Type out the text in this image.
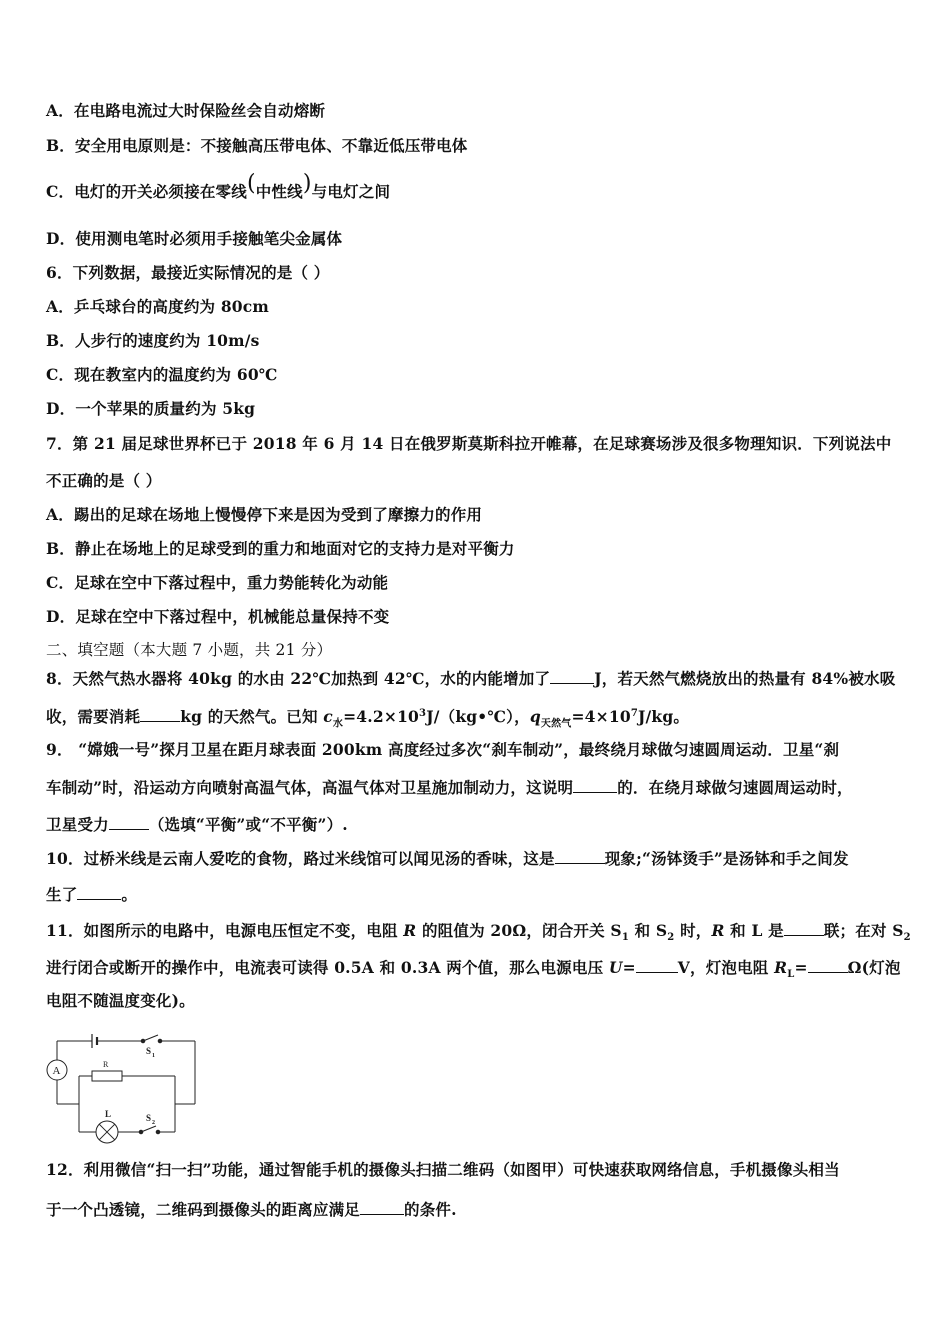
A．在电路电流过大时保险丝会自动熔断
B．安全用电原则是：不接触高压带电体、不靠近低压带电体
C．电灯的开关必须接在零线(中性线)与电灯之间
D．使用测电笔时必须用手接触笔尖金属体
6．下列数据，最接近实际情况的是（ ）
A．乒乓球台的高度约为 80cm
B．人步行的速度约为 10m/s
C．现在教室内的温度约为 60℃
D．一个苹果的质量约为 5kg
7．第 21 届足球世界杯已于 2018 年 6 月 14 日在俄罗斯莫斯科拉开帷幕，在足球赛场涉及很多物理知识．下列说法中
不正确的是（ ）
A．踢出的足球在场地上慢慢停下来是因为受到了摩擦力的作用
B．静止在场地上的足球受到的重力和地面对它的支持力是对平衡力
C．足球在空中下落过程中，重力势能转化为动能
D．足球在空中下落过程中，机械能总量保持不变
二、填空题（本大题 7 小题，共 21 分）
8．天然气热水器将 40kg 的水由 22℃加热到 42℃，水的内能增加了	J，若天然气燃烧放出的热量有 84%被水吸
收，需要消耗	kg 的天然气。已知 $c_水=4.2\times 10^3J/(kg•℃)$，$q_{天然气}=4\times 10^7J/kg$。
9． “嫦娥一号”探月卫星在距月球表面 200km 高度经过多次“刹车制动”，最终绕月球做匀速圆周运动．卫星“刹
车制动”时，沿运动方向喷射高温气体，高温气体对卫星施加制动力，这说明	的．在绕月球做匀速圆周运动时，
卫星受力	（选填“平衡”或“不平衡”）.
10．过桥米线是云南人爱吃的食物，路过米线馆可以闻见汤的香味，这是	现象;“汤钵烫手”是汤钵和手之间发
生了	。
11．如图所示的电路中，电源电压恒定不变，电阻 R 的阻值为 20Ω，闭合开关 $S_1$ 和 $S_2$ 时，R 和 L 是	联；在对 $S_2$
进行闭合或断开的操作中，电流表可读得 0.5A 和 0.3A 两个值，那么电源电压 U=	V，灯泡电阻 $R_L=$	Ω(灯泡
电阻不随温度变化)。
A
S 1
R
L	S 2
12．利用微信“扫一扫”功能，通过智能手机的摄像头扫描二维码（如图甲）可快速获取网络信息，手机摄像头相当
于一个凸透镜，二维码到摄像头的距离应满足	的条件.
